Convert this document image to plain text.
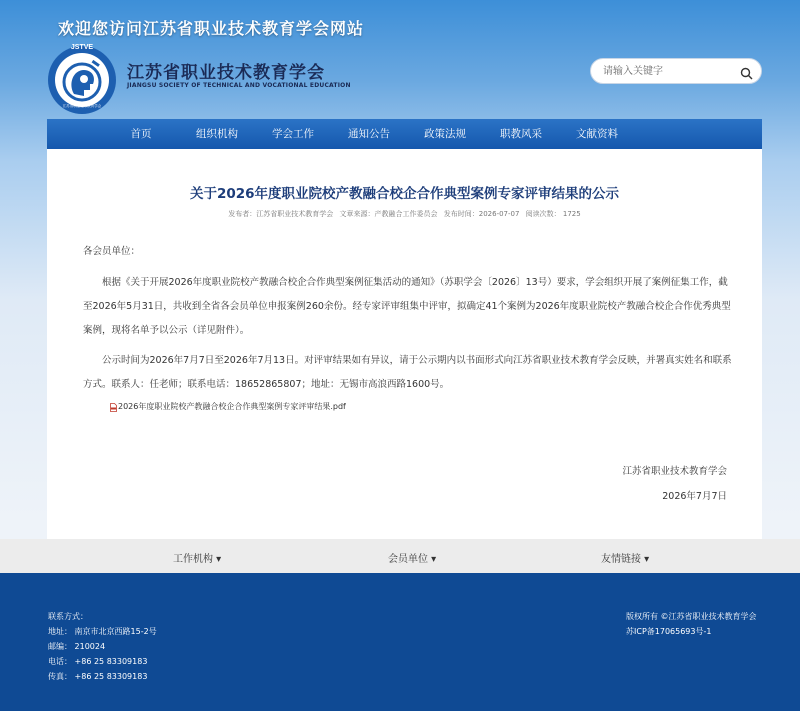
欢迎您访问江苏省职业技术教育学会网站
JSTVE
江苏省职业技术教育学会
江苏省职业技术教育学会
JIANGSU SOCIETY OF TECHNICAL AND VOCATIONAL EDUCATION
请输入关键字
首页	组织机构	学会工作	通知公告	政策法规	职教风采	文献资料
关于2026年度职业院校产教融合校企合作典型案例专家评审结果的公示
发布者：江苏省职业技术教育学会 文章来源：产教融合工作委员会 发布时间：2026-07-07 阅读次数： 1725
各会员单位：

根据《关于开展2026年度职业院校产教融合校企合作典型案例征集活动的通知》（苏职学会〔2026〕13号）要求，学会组织开展了案例征集工作，截至2026年5月31日，共收到全省各会员单位申报案例260余份。经专家评审组集中评审，拟确定41个案例为2026年度职业院校产教融合校企合作优秀典型案例，现将名单予以公示（详见附件）。

公示时间为2026年7月7日至2026年7月13日。对评审结果如有异议，请于公示期内以书面形式向江苏省职业技术教育学会反映，并署真实姓名和联系方式。联系人：任老师；联系电话：18652865807；地址：无锡市高浪西路1600号。

2026年度职业院校产教融合校企合作典型案例专家评审结果.pdf
江苏省职业技术教育学会
2026年7月7日
工作机构 ▾	会员单位 ▾	友情链接 ▾
联系方式：
地址： 南京市北京西路15-2号
邮编： 210024
电话： +86 25 83309183
传真： +86 25 83309183
版权所有 ©江苏省职业技术教育学会
苏ICP备17065693号-1
